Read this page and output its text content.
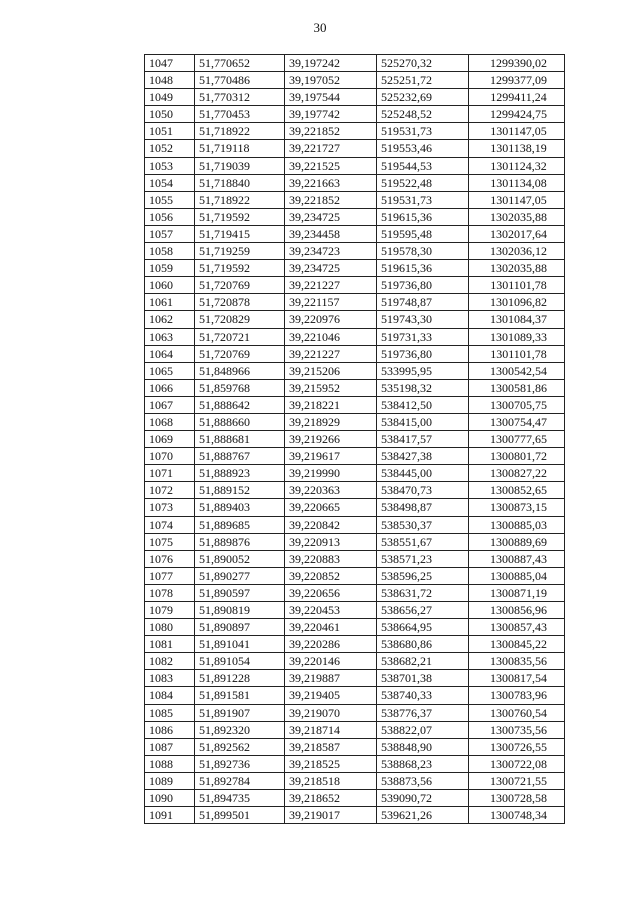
30
1047	51,770652	39,197242	525270,32	1299390,02
1048	51,770486	39,197052	525251,72	1299377,09
1049	51,770312	39,197544	525232,69	1299411,24
1050	51,770453	39,197742	525248,52	1299424,75
1051	51,718922	39,221852	519531,73	1301147,05
1052	51,719118	39,221727	519553,46	1301138,19
1053	51,719039	39,221525	519544,53	1301124,32
1054	51,718840	39,221663	519522,48	1301134,08
1055	51,718922	39,221852	519531,73	1301147,05
1056	51,719592	39,234725	519615,36	1302035,88
1057	51,719415	39,234458	519595,48	1302017,64
1058	51,719259	39,234723	519578,30	1302036,12
1059	51,719592	39,234725	519615,36	1302035,88
1060	51,720769	39,221227	519736,80	1301101,78
1061	51,720878	39,221157	519748,87	1301096,82
1062	51,720829	39,220976	519743,30	1301084,37
1063	51,720721	39,221046	519731,33	1301089,33
1064	51,720769	39,221227	519736,80	1301101,78
1065	51,848966	39,215206	533995,95	1300542,54
1066	51,859768	39,215952	535198,32	1300581,86
1067	51,888642	39,218221	538412,50	1300705,75
1068	51,888660	39,218929	538415,00	1300754,47
1069	51,888681	39,219266	538417,57	1300777,65
1070	51,888767	39,219617	538427,38	1300801,72
1071	51,888923	39,219990	538445,00	1300827,22
1072	51,889152	39,220363	538470,73	1300852,65
1073	51,889403	39,220665	538498,87	1300873,15
1074	51,889685	39,220842	538530,37	1300885,03
1075	51,889876	39,220913	538551,67	1300889,69
1076	51,890052	39,220883	538571,23	1300887,43
1077	51,890277	39,220852	538596,25	1300885,04
1078	51,890597	39,220656	538631,72	1300871,19
1079	51,890819	39,220453	538656,27	1300856,96
1080	51,890897	39,220461	538664,95	1300857,43
1081	51,891041	39,220286	538680,86	1300845,22
1082	51,891054	39,220146	538682,21	1300835,56
1083	51,891228	39,219887	538701,38	1300817,54
1084	51,891581	39,219405	538740,33	1300783,96
1085	51,891907	39,219070	538776,37	1300760,54
1086	51,892320	39,218714	538822,07	1300735,56
1087	51,892562	39,218587	538848,90	1300726,55
1088	51,892736	39,218525	538868,23	1300722,08
1089	51,892784	39,218518	538873,56	1300721,55
1090	51,894735	39,218652	539090,72	1300728,58
1091	51,899501	39,219017	539621,26	1300748,34
